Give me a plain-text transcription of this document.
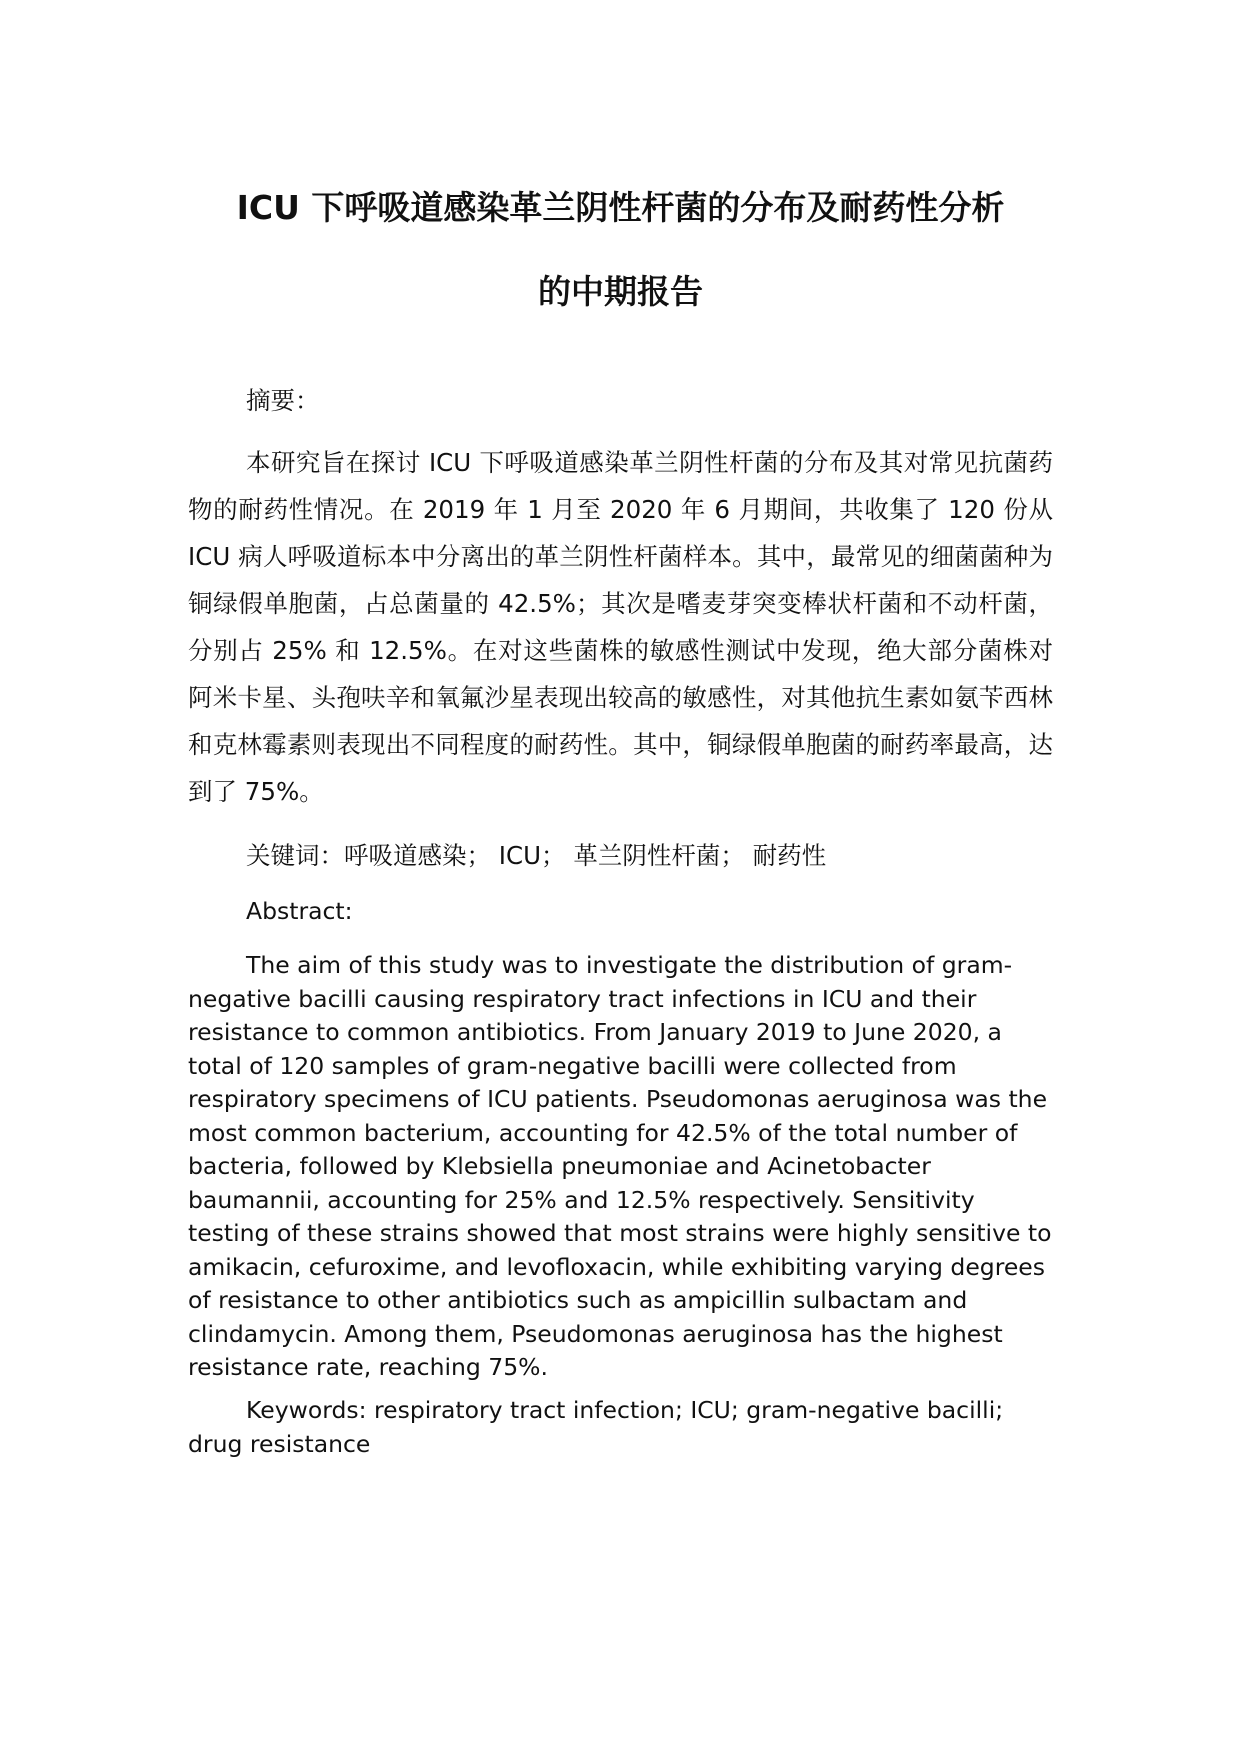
ICU 下呼吸道感染革兰阴性杆菌的分布及耐药性分析
的中期报告

摘要：

本研究旨在探讨 ICU 下呼吸道感染革兰阴性杆菌的分布及其对常见抗菌药物的耐药性情况。在 2019 年 1 月至 2020 年 6 月期间，共收集了 120 份从 ICU 病人呼吸道标本中分离出的革兰阴性杆菌样本。其中，最常见的细菌菌种为铜绿假单胞菌，占总菌量的 42.5%；其次是嗜麦芽突变棒状杆菌和不动杆菌，分别占 25% 和 12.5%。在对这些菌株的敏感性测试中发现，绝大部分菌株对阿米卡星、头孢呋辛和氧氟沙星表现出较高的敏感性，对其他抗生素如氨苄西林和克林霉素则表现出不同程度的耐药性。其中，铜绿假单胞菌的耐药率最高，达到了 75%。

关键词：呼吸道感染； ICU； 革兰阴性杆菌； 耐药性

Abstract:

The aim of this study was to investigate the distribution of gram-negative bacilli causing respiratory tract infections in ICU and their resistance to common antibiotics. From January 2019 to June 2020, a total of 120 samples of gram-negative bacilli were collected from respiratory specimens of ICU patients. Pseudomonas aeruginosa was the most common bacterium, accounting for 42.5% of the total number of bacteria, followed by Klebsiella pneumoniae and Acinetobacter baumannii, accounting for 25% and 12.5% respectively. Sensitivity testing of these strains showed that most strains were highly sensitive to amikacin, cefuroxime, and levofloxacin, while exhibiting varying degrees of resistance to other antibiotics such as ampicillin sulbactam and clindamycin. Among them, Pseudomonas aeruginosa has the highest resistance rate, reaching 75%.

Keywords: respiratory tract infection; ICU; gram-negative bacilli; drug resistance
